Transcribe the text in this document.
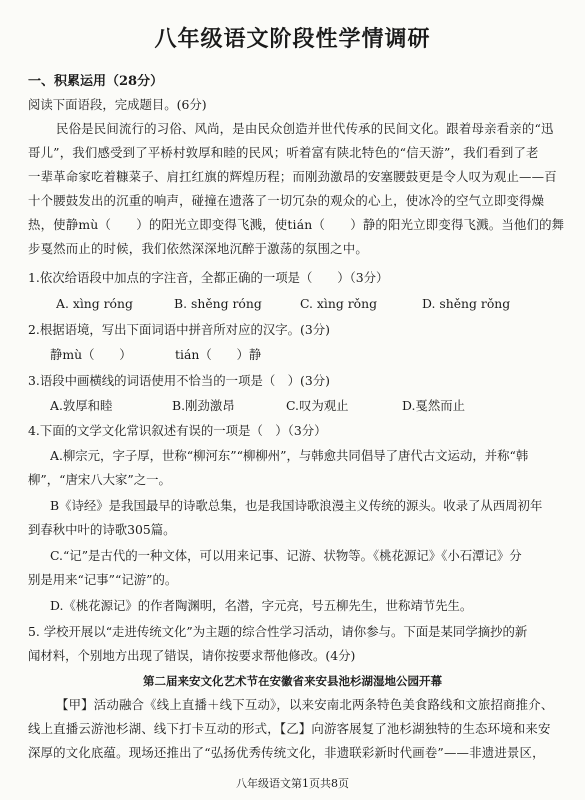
八年级语文阶段性学情调研
一、积累运用（28分）
阅读下面语段，完成题目。(6分)
民俗是民间流行的习俗、风尚，是由民众创造并世代传承的民间文化。跟着母亲看亲的“迅
哥儿”，我们感受到了平桥村敦厚和睦的民风；听着富有陕北特色的“信天游”，我们看到了老
一辈革命家吃着糠菜子、肩扛红旗的辉煌历程；而刚劲激昂的安塞腰鼓更是令人叹为观止——百
十个腰鼓发出的沉重的响声，碰撞在遗落了一切冗杂的观众的心上，使冰冷的空气立即变得燥
热，使静mù（　　）的阳光立即变得飞溅，使tián（　　）静的阳光立即变得飞溅。当他们的舞
步戛然而止的时候，我们依然深深地沉醉于激荡的氛围之中。
1.依次给语段中加点的字注音，全都正确的一项是（　　）（3分）
A. xìng róng	B. shěng róng	C. xìng rǒng	D. shěng rǒng
2.根据语境，写出下面词语中拼音所对应的汉字。(3分)
静mù（　　）　　　　tián（　　）静
3.语段中画横线的词语使用不恰当的一项是（　）(3分)
A.敦厚和睦	B.刚劲激昂	C.叹为观止	D.戛然而止
4.下面的文学文化常识叙述有误的一项是（　）（3分）
A.柳宗元，字子厚，世称“柳河东”“柳柳州”，与韩愈共同倡导了唐代古文运动，并称“韩
柳”，“唐宋八大家”之一。
B《诗经》是我国最早的诗歌总集，也是我国诗歌浪漫主义传统的源头。收录了从西周初年
到春秋中叶的诗歌305篇。
C.“记”是古代的一种文体，可以用来记事、记游、状物等。《桃花源记》《小石潭记》分
别是用来“记事”“记游”的。
D.《桃花源记》的作者陶渊明，名潜，字元亮，号五柳先生，世称靖节先生。
5. 学校开展以“走进传统文化”为主题的综合性学习活动，请你参与。下面是某同学摘抄的新
闻材料，个别地方出现了错误，请你按要求帮他修改。(4分)
第二届来安文化艺术节在安徽省来安县池杉湖湿地公园开幕
【甲】活动融合《线上直播＋线下互动》，以来安南北两条特色美食路线和文旅招商推介、
线上直播云游池杉湖、线下打卡互动的形式，【乙】向游客展复了池杉湖独特的生态环境和来安
深厚的文化底蕴。现场还推出了“弘扬优秀传统文化，非遗联彩新时代画卷”——非遗进景区，
八年级语文第1页共8页
